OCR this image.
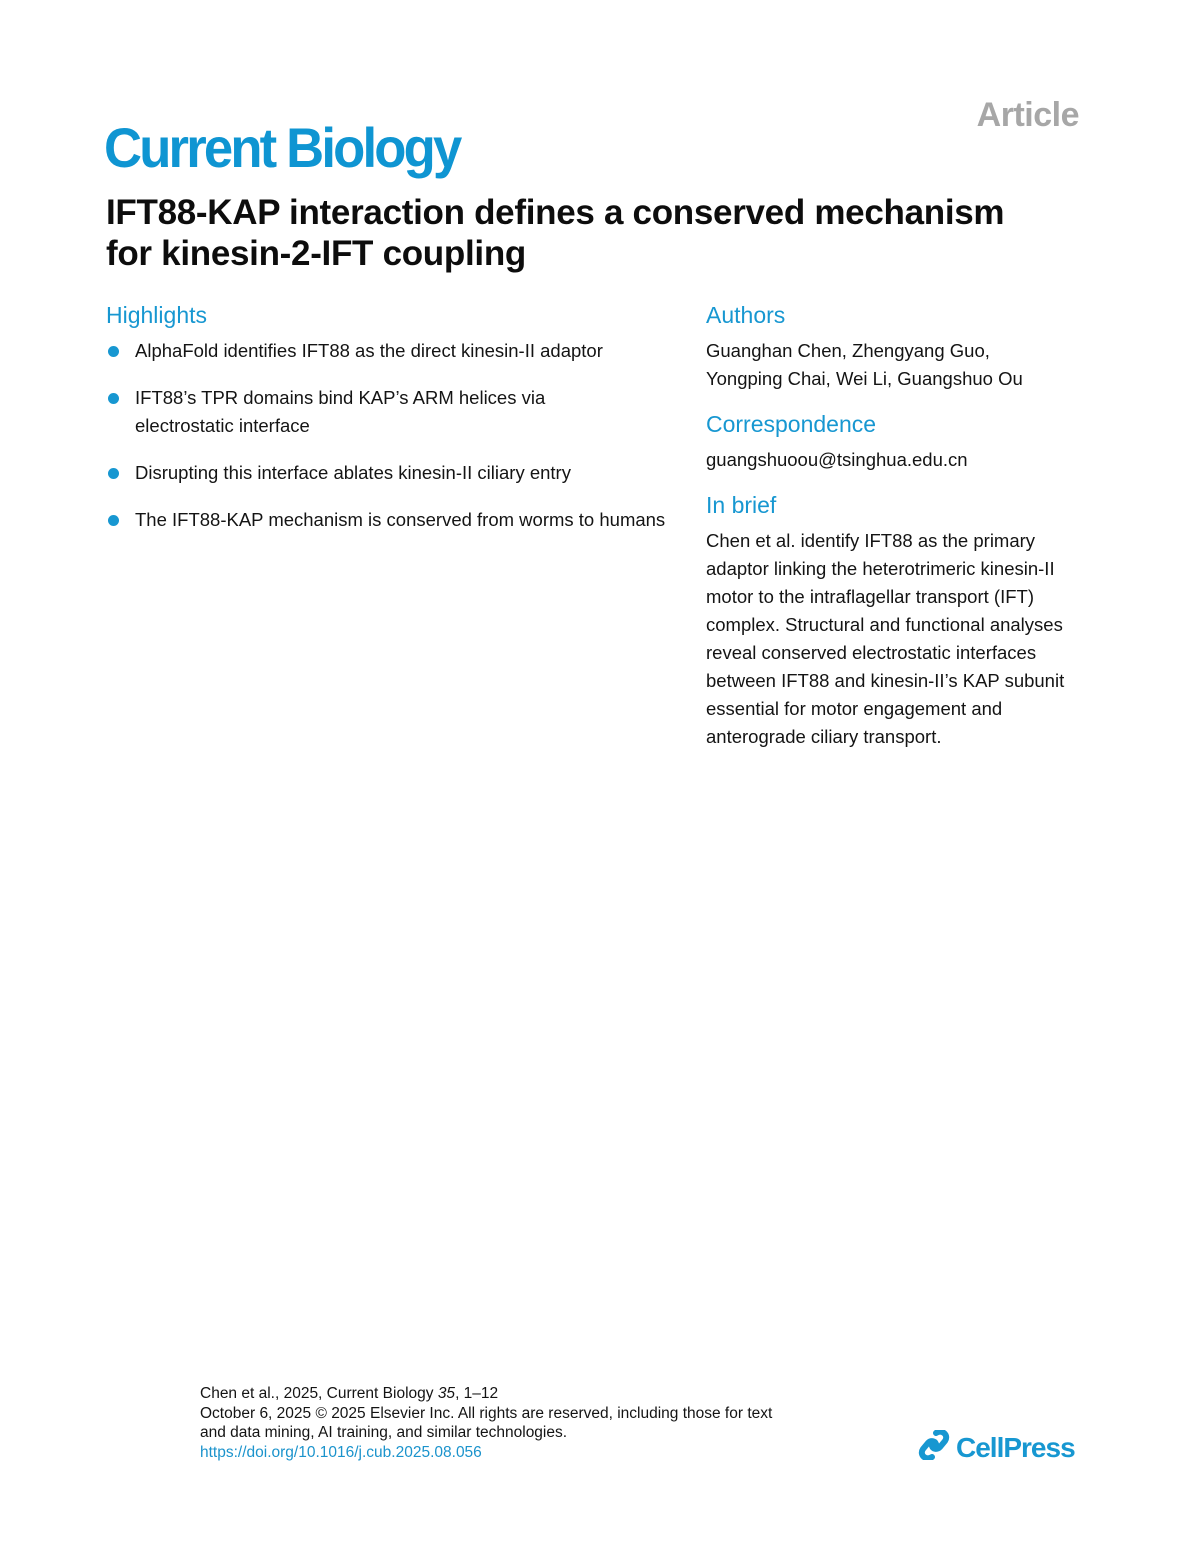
Article
Current Biology
IFT88-KAP interaction defines a conserved mechanism for kinesin-2-IFT coupling
Highlights
AlphaFold identifies IFT88 as the direct kinesin-II adaptor
IFT88’s TPR domains bind KAP’s ARM helices via electrostatic interface
Disrupting this interface ablates kinesin-II ciliary entry
The IFT88-KAP mechanism is conserved from worms to humans
Authors
Guanghan Chen, Zhengyang Guo, Yongping Chai, Wei Li, Guangshuo Ou
Correspondence
guangshuoou@tsinghua.edu.cn
In brief
Chen et al. identify IFT88 as the primary adaptor linking the heterotrimeric kinesin-II motor to the intraflagellar transport (IFT) complex. Structural and functional analyses reveal conserved electrostatic interfaces between IFT88 and kinesin-II’s KAP subunit essential for motor engagement and anterograde ciliary transport.
Chen et al., 2025, Current Biology 35, 1–12
October 6, 2025 © 2025 Elsevier Inc. All rights are reserved, including those for text and data mining, AI training, and similar technologies.
https://doi.org/10.1016/j.cub.2025.08.056	CellPress
